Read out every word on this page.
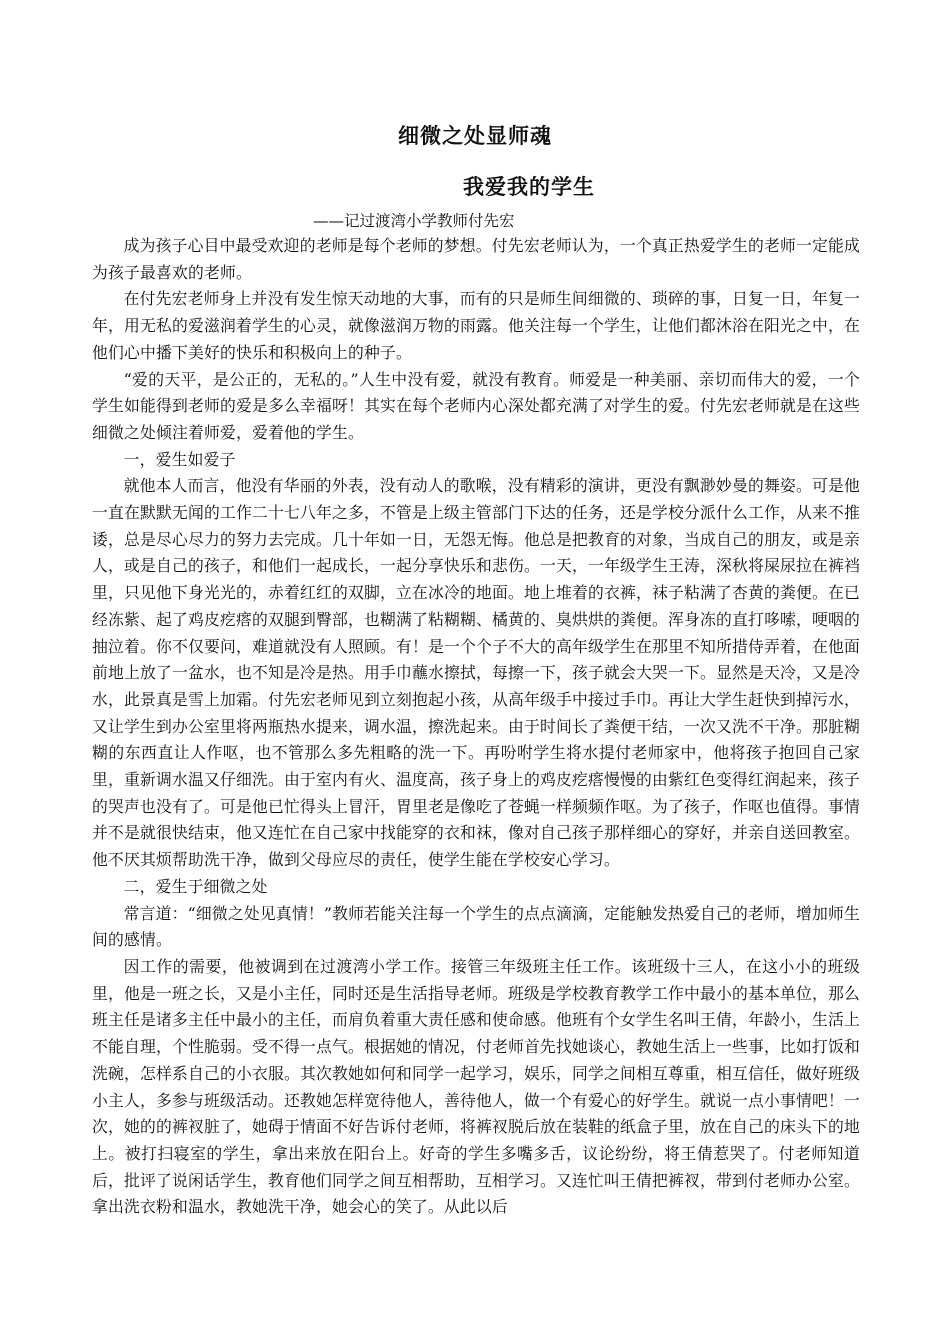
细微之处显师魂
我爱我的学生

——记过渡湾小学教师付先宏

成为孩子心目中最受欢迎的老师是每个老师的梦想。付先宏老师认为，一个真正热爱学生的老师一定能成为孩子最喜欢的老师。

在付先宏老师身上并没有发生惊天动地的大事，而有的只是师生间细微的、琐碎的事，日复一日，年复一年，用无私的爱滋润着学生的心灵，就像滋润万物的雨露。他关注每一个学生，让他们都沐浴在阳光之中，在他们心中播下美好的快乐和积极向上的种子。

“爱的天平，是公正的，无私的。”人生中没有爱，就没有教育。师爱是一种美丽、亲切而伟大的爱，一个学生如能得到老师的爱是多么幸福呀！其实在每个老师内心深处都充满了对学生的爱。付先宏老师就是在这些细微之处倾注着师爱，爱着他的学生。

一，爱生如爱子

就他本人而言，他没有华丽的外表，没有动人的歌喉，没有精彩的演讲，更没有飘渺妙曼的舞姿。可是他一直在默默无闻的工作二十七八年之多，不管是上级主管部门下达的任务，还是学校分派什么工作，从来不推诿，总是尽心尽力的努力去完成。几十年如一日，无怨无悔。他总是把教育的对象，当成自己的朋友，或是亲人，或是自己的孩子，和他们一起成长，一起分享快乐和悲伤。一天，一年级学生王涛，深秋将屎尿拉在裤裆里，只见他下身光光的，赤着红红的双脚，立在冰冷的地面。地上堆着的衣裤，袜子粘满了杏黄的粪便。在已经冻紫、起了鸡皮疙瘩的双腿到臀部，也糊满了粘糊糊、橘黄的、臭烘烘的粪便。浑身冻的直打哆嗦，哽咽的抽泣着。你不仅要问，难道就没有人照顾。有！是一个个子不大的高年级学生在那里不知所措侍弄着，在他面前地上放了一盆水，也不知是冷是热。用手巾蘸水擦拭，每擦一下，孩子就会大哭一下。显然是天冷，又是冷水，此景真是雪上加霜。付先宏老师见到立刻抱起小孩，从高年级手中接过手巾。再让大学生赶快到掉污水，又让学生到办公室里将两瓶热水提来，调水温，擦洗起来。由于时间长了粪便干结，一次又洗不干净。那脏糊糊的东西直让人作呕，也不管那么多先粗略的洗一下。再吩咐学生将水提付老师家中，他将孩子抱回自己家里，重新调水温又仔细洗。由于室内有火、温度高，孩子身上的鸡皮疙瘩慢慢的由紫红色变得红润起来，孩子的哭声也没有了。可是他已忙得头上冒汗，胃里老是像吃了苍蝇一样频频作呕。为了孩子，作呕也值得。事情并不是就很快结束，他又连忙在自己家中找能穿的衣和袜，像对自己孩子那样细心的穿好，并亲自送回教室。他不厌其烦帮助洗干净，做到父母应尽的责任，使学生能在学校安心学习。

二，爱生于细微之处

常言道：“细微之处见真情！”教师若能关注每一个学生的点点滴滴，定能触发热爱自己的老师，增加师生间的感情。

因工作的需要，他被调到在过渡湾小学工作。接管三年级班主任工作。该班级十三人，在这小小的班级里，他是一班之长，又是小主任，同时还是生活指导老师。班级是学校教育教学工作中最小的基本单位，那么班主任是诸多主任中最小的主任，而肩负着重大责任感和使命感。他班有个女学生名叫王倩，年龄小，生活上不能自理，个性脆弱。受不得一点气。根据她的情况，付老师首先找她谈心，教她生活上一些事，比如打饭和洗碗，怎样系自己的小衣服。其次教她如何和同学一起学习，娱乐，同学之间相互尊重，相互信任，做好班级小主人，多参与班级活动。还教她怎样宽待他人，善待他人，做一个有爱心的好学生。就说一点小事情吧！一次，她的的裤衩脏了，她碍于情面不好告诉付老师，将裤衩脱后放在装鞋的纸盒子里，放在自己的床头下的地上。被打扫寝室的学生，拿出来放在阳台上。好奇的学生多嘴多舌，议论纷纷，将王倩惹哭了。付老师知道后，批评了说闲话学生，教育他们同学之间互相帮助，互相学习。又连忙叫王倩把裤衩，带到付老师办公室。拿出洗衣粉和温水，教她洗干净，她会心的笑了。从此以后
